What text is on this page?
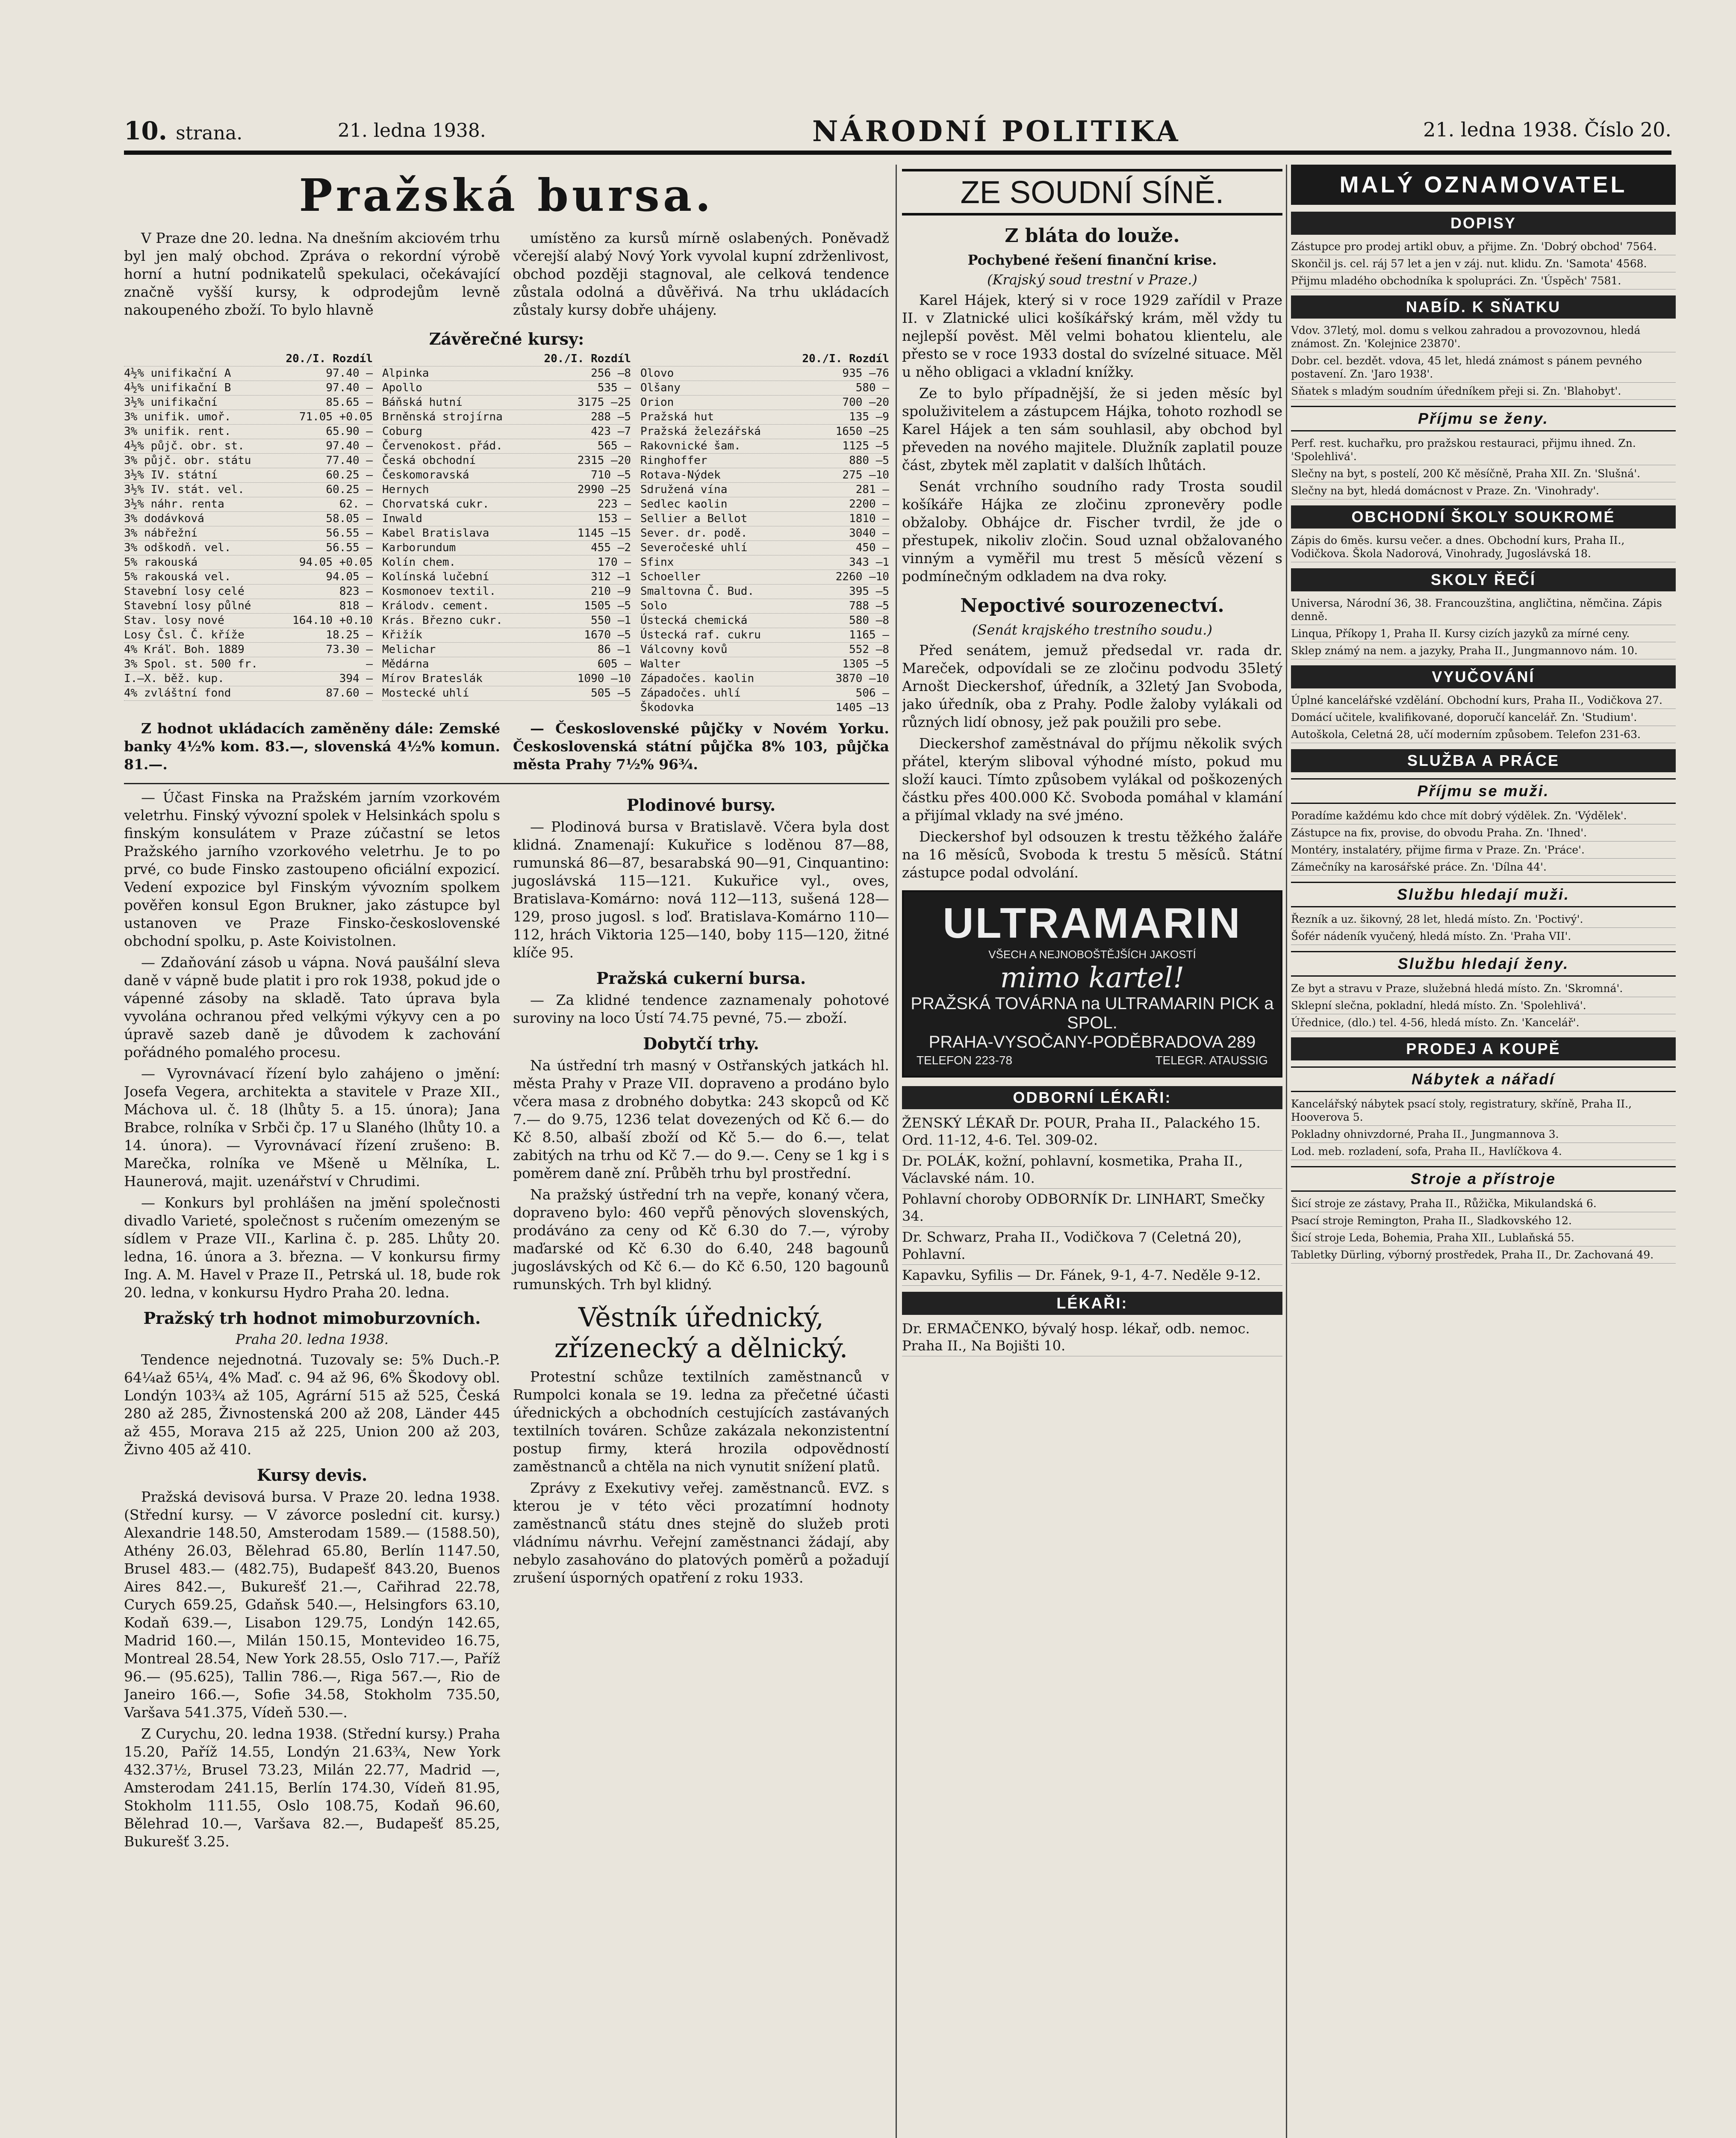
10. strana.	21. ledna 1938.	NÁRODNÍ POLITIKA	21. ledna 1938. Číslo 20.
Pražská bursa.

V Praze dne 20. ledna. Na dnešním akciovém trhu byl jen malý obchod. Zpráva o rekordní výrobě horní a hutní podnikatelů spekulaci, očekávající značně vyšší kursy, k odprodejům levně nakoupeného zboží. To bylo hlavně

umístěno za kursů mírně oslabených. Poněvadž včerejší alabý Nový York vyvolal kupní zdrženlivost, obchod později stagnoval, ale celková tendence zůstala odolná a důvěřivá. Na trhu ukládacích zůstaly kursy dobře uhájeny.

Závěrečné kursy:
20./I. Rozdíl
4½% unifikační A	97.40 —
4½% unifikační B	97.40 —
3½% unifikační	85.65 —
3% unifik. umoř.	71.05 +0.05
3% unifik. rent.	65.90 —
4½% půjč. obr. st.	97.40 —
3% půjč. obr. státu	77.40 —
3½% IV. státní	60.25 —
3½% IV. stát. vel.	60.25 —
3½% náhr. renta	62. —
3% dodávková	58.05 —
3% nábřežní	56.55 —
3% odškodň. vel.	56.55 —
5% rakouská	94.05 +0.05
5% rakouská vel.	94.05 —
Stavební losy celé	823 —
Stavební losy půlné	818 —
Stav. losy nové	164.10 +0.10
Losy Čsl. Č. kříže	18.25 —
4% Kráľ. Boh. 1889	73.30 —
3% Spol. st. 500 fr.	—
I.—X. běž. kup.	394 —
4% zvláštní fond	87.60 —
20./I. Rozdíl
Alpinka	256 —8
Apollo	535 —
Báňská hutní	3175 —25
Brněnská strojírna	288 —5
Coburg	423 —7
Červenokost. přád.	565 —
Česká obchodní	2315 —20
Českomoravská	710 —5
Hernych	2990 —25
Chorvatská cukr.	223 —
Inwald	153 —
Kabel Bratislava	1145 —15
Karborundum	455 —2
Kolín chem.	170 —
Kolínská lučební	312 —1
Kosmonoev textil.	210 —9
Králodv. cement.	1505 —5
Krás. Březno cukr.	550 —1
Křižík	1670 —5
Melichar	86 —1
Mědárna	605 —
Mírov Brateslák	1090 —10
Mostecké uhlí	505 —5
20./I. Rozdíl
Olovo	935 —76
Olšany	580 —
Orion	700 —20
Pražská hut	135 —9
Pražská železářská	1650 —25
Rakovnické šam.	1125 —5
Ringhoffer	880 —5
Rotava-Nýdek	275 —10
Sdružená vína	281 —
Sedlec kaolin	2200 —
Sellier a Bellot	1810 —
Sever. dr. podě.	3040 —
Severočeské uhlí	450 —
Sfinx	343 —1
Schoeller	2260 —10
Smaltovna Č. Bud.	395 —5
Solo	788 —5
Ústecká chemická	580 —8
Ústecká raf. cukru	1165 —
Válcovny kovů	552 —8
Walter	1305 —5
Západočes. kaolin	3870 —10
Západočes. uhlí	506 —
Škodovka	1405 —13

Z hodnot ukládacích zaměněny dále: Zemské banky 4½% kom. 83.—, slovenská 4½% komun. 81.—.

— Československé půjčky v Novém Yorku. Československá státní půjčka 8% 103, půjčka města Prahy 7½% 96¾.

— Účast Finska na Pražském jarním vzorkovém veletrhu. Finský vývozní spolek v Helsinkách spolu s finským konsulátem v Praze zúčastní se letos Pražského jarního vzorkového veletrhu. Je to po prvé, co bude Finsko zastoupeno oficiální expozicí. Vedení expozice byl Finským vývozním spolkem pověřen konsul Egon Brukner, jako zástupce byl ustanoven ve Praze Finsko-československé obchodní spolku, p. Aste Koivistolnen.

— Zdaňování zásob u vápna. Nová paušální sleva daně v vápně bude platit i pro rok 1938, pokud jde o vápenné zásoby na skladě. Tato úprava byla vyvolána ochranou před velkými výkyvy cen a po úpravě sazeb daně je důvodem k zachování pořádného pomalého procesu.

— Vyrovnávací řízení bylo zahájeno o jmění: Josefa Vegera, architekta a stavitele v Praze XII., Máchova ul. č. 18 (lhůty 5. a 15. února); Jana Brabce, rolníka v Srbči čp. 17 u Slaného (lhůty 10. a 14. února). — Vyrovnávací řízení zrušeno: B. Marečka, rolníka ve Mšeně u Mělníka, L. Haunerová, majit. uzenářství v Chrudimi.

— Konkurs byl prohlášen na jmění společnosti divadlo Varieté, společnost s ručením omezeným se sídlem v Praze VII., Karlina č. p. 285. Lhůty 20. ledna, 16. února a 3. března. — V konkursu firmy Ing. A. M. Havel v Praze II., Petrská ul. 18, bude rok 20. ledna, v konkursu Hydro Praha 20. ledna.

Pražský trh hodnot mimoburzovních.
Praha 20. ledna 1938.

Tendence nejednotná. Tuzovaly se: 5% Duch.-P. 64¼až 65¼, 4% Maď. c. 94 až 96, 6% Škodovy obl. Londýn 103¾ až 105, Agrární 515 až 525, Česká 280 až 285, Živnostenská 200 až 208, Länder 445 až 455, Morava 215 až 225, Union 200 až 203, Živno 405 až 410.

Kursy devis.

Pražská devisová bursa. V Praze 20. ledna 1938. (Střední kursy. — V závorce poslední cit. kursy.) Alexandrie 148.50, Amsterodam 1589.— (1588.50), Athény 26.03, Bělehrad 65.80, Berlín 1147.50, Brusel 483.— (482.75), Budapešť 843.20, Buenos Aires 842.—, Bukurešť 21.—, Cařihrad 22.78, Curych 659.25, Gdaňsk 540.—, Helsingfors 63.10, Kodaň 639.—, Lisabon 129.75, Londýn 142.65, Madrid 160.—, Milán 150.15, Montevideo 16.75, Montreal 28.54, New York 28.55, Oslo 717.—, Paříž 96.— (95.625), Tallin 786.—, Riga 567.—, Rio de Janeiro 166.—, Sofie 34.58, Stokholm 735.50, Varšava 541.375, Vídeň 530.—.

Z Curychu, 20. ledna 1938. (Střední kursy.) Praha 15.20, Paříž 14.55, Londýn 21.63¾, New York 432.37½, Brusel 73.23, Milán 22.77, Madrid —, Amsterodam 241.15, Berlín 174.30, Vídeň 81.95, Stokholm 111.55, Oslo 108.75, Kodaň 96.60, Bělehrad 10.—, Varšava 82.—, Budapešť 85.25, Bukurešť 3.25.

Plodinové bursy.

— Plodinová bursa v Bratislavě. Včera byla dost klidná. Znamenají: Kukuřice s loděnou 87—88, rumunská 86—87, besarabská 90—91, Cinquantino: jugoslávská 115—121. Kukuřice vyl., oves, Bratislava-Komárno: nová 112—113, sušená 128—129, proso jugosl. s loď. Bratislava-Komárno 110—112, hrách Viktoria 125—140, boby 115—120, žitné klíče 95.

Pražská cukerní bursa.

— Za klidné tendence zaznamenaly pohotové suroviny na loco Ústí 74.75 pevné, 75.— zboží.

Dobytčí trhy.

Na ústřední trh masný v Ostřanských jatkách hl. města Prahy v Praze VII. dopraveno a prodáno bylo včera masa z drobného dobytka: 243 skopců od Kč 7.— do 9.75, 1236 telat dovezených od Kč 6.— do Kč 8.50, albaší zboží od Kč 5.— do 6.—, telat zabitých na trhu od Kč 7.— do 9.—. Ceny se 1 kg i s poměrem daně zní. Průběh trhu byl prostřední.

Na pražský ústřední trh na vepře, konaný včera, dopraveno bylo: 460 vepřů pěnových slovenských, prodáváno za ceny od Kč 6.30 do 7.—, výroby maďarské od Kč 6.30 do 6.40, 248 bagounů jugoslávských od Kč 6.— do Kč 6.50, 120 bagounů rumunských. Trh byl klidný.

Věstník úřednický, zřízenecký a dělnický.

Protestní schůze textilních zaměstnanců v Rumpolci konala se 19. ledna za přečetné účasti úřednických a obchodních cestujících zastávaných textilních továren. Schůze zakázala nekonzistentní postup firmy, která hrozila odpovědností zaměstnanců a chtěla na nich vynutit snížení platů.

Zprávy z Exekutivy veřej. zaměstnanců. EVZ. s kterou je v této věci prozatímní hodnoty zaměstnanců státu dnes stejně do služeb proti vládnímu návrhu. Veřejní zaměstnanci žádají, aby nebylo zasahováno do platových poměrů a požadují zrušení úsporných opatření z roku 1933.

ZE SOUDNÍ SÍNĚ.
Z bláta do louže.
Pochybené řešení finanční krise.
(Krajský soud trestní v Praze.)

Karel Hájek, který si v roce 1929 zařídil v Praze II. v Zlatnické ulici košíkářský krám, měl vždy tu nejlepší pověst. Měl velmi bohatou klientelu, ale přesto se v roce 1933 dostal do svízelné situace. Měl u něho obligaci a vkladní knížky.

Ze to bylo případnější, že si jeden měsíc byl spoluživitelem a zástupcem Hájka, tohoto rozhodl se Karel Hájek a ten sám souhlasil, aby obchod byl převeden na nového majitele. Dlužník zaplatil pouze část, zbytek měl zaplatit v dalších lhůtách.

Senát vrchního soudního rady Trosta soudil košíkáře Hájka ze zločinu zpronevěry podle obžaloby. Obhájce dr. Fischer tvrdil, že jde o přestupek, nikoliv zločin. Soud uznal obžalovaného vinným a vyměřil mu trest 5 měsíců vězení s podmínečným odkladem na dva roky.

Nepoctivé sourozenectví.
(Senát krajského trestního soudu.)

Před senátem, jemuž předsedal vr. rada dr. Mareček, odpovídali se ze zločinu podvodu 35letý Arnošt Dieckershof, úředník, a 32letý Jan Svoboda, jako úředník, oba z Prahy. Podle žaloby vylákali od různých lidí obnosy, jež pak použili pro sebe.

Dieckershof zaměstnával do příjmu několik svých přátel, kterým sliboval výhodné místo, pokud mu složí kauci. Tímto způsobem vylákal od poškozených částku přes 400.000 Kč. Svoboda pomáhal v klamání a přijímal vklady na své jméno.

Dieckershof byl odsouzen k trestu těžkého žaláře na 16 měsíců, Svoboda k trestu 5 měsíců. Státní zástupce podal odvolání.

ULTRAMARIN
VŠECH A NEJNOBOŠTĚJŠÍCH JAKOSTÍ
mimo kartel!
PRAŽSKÁ TOVÁRNA na ULTRAMARIN PICK a SPOL.
PRAHA-VYSOČANY-PODĚBRADOVA 289
TELEFON 223-78	TELEGR. ATAUSSIG
ODBORNÍ LÉKAŘI:
ŽENSKÝ LÉKAŘ Dr. POUR, Praha II., Palackého 15. Ord. 11-12, 4-6. Tel. 309-02.
Dr. POLÁK, kožní, pohlavní, kosmetika, Praha II., Václavské nám. 10.
Pohlavní choroby ODBORNÍK Dr. LINHART, Smečky 34.
Dr. Schwarz, Praha II., Vodičkova 7 (Celetná 20), Pohlavní.
Kapavku, Syfilis — Dr. Fánek, 9-1, 4-7. Neděle 9-12.
LÉKAŘI:
Dr. ERMAČENKO, bývalý hosp. lékař, odb. nemoc. Praha II., Na Bojišti 10.
MALÝ OZNAMOVATEL
DOPISY
Zástupce pro prodej artikl obuv, a přijme. Zn. 'Dobrý obchod' 7564.
Skončil js. cel. ráj 57 let a jen v záj. nut. klidu. Zn. 'Samota' 4568.
Přijmu mladého obchodníka k spolupráci. Zn. 'Úspěch' 7581.
NABÍD. K SŇATKU
Vdov. 37letý, mol. domu s velkou zahradou a provozovnou, hledá známost. Zn. 'Kolejnice 23870'.
Dobr. cel. bezdět. vdova, 45 let, hledá známost s pánem pevného postavení. Zn. 'Jaro 1938'.
Sňatek s mladým soudním úředníkem přeji si. Zn. 'Blahobyt'.
Příjmu se ženy.
Perf. rest. kuchařku, pro pražskou restauraci, přijmu ihned. Zn. 'Spolehlivá'.
Slečny na byt, s postelí, 200 Kč měsíčně, Praha XII. Zn. 'Slušná'.
Slečny na byt, hledá domácnost v Praze. Zn. 'Vinohrady'.
OBCHODNÍ ŠKOLY SOUKROMÉ
Zápis do 6měs. kursu večer. a dnes. Obchodní kurs, Praha II., Vodičkova. Škola Nadorová, Vinohrady, Jugoslávská 18.
SKOLY ŘEČÍ
Universa, Národní 36, 38. Francouzština, angličtina, němčina. Zápis denně.
Linqua, Příkopy 1, Praha II. Kursy cizích jazyků za mírné ceny.
Sklep známý na nem. a jazyky, Praha II., Jungmannovo nám. 10.
VYUČOVÁNÍ
Úplné kancelářské vzdělání. Obchodní kurs, Praha II., Vodičkova 27.
Domácí učitele, kvalifikované, doporučí kancelář. Zn. 'Studium'.
Autoškola, Celetná 28, učí moderním způsobem. Telefon 231-63.
SLUŽBA A PRÁCE
Příjmu se muži.
Poradíme každému kdo chce mít dobrý výdělek. Zn. 'Výdělek'.
Zástupce na fix, provise, do obvodu Praha. Zn. 'Ihned'.
Montéry, instalatéry, přijme firma v Praze. Zn. 'Práce'.
Zámečníky na karosářské práce. Zn. 'Dílna 44'.
Službu hledají muži.
Řezník a uz. šikovný, 28 let, hledá místo. Zn. 'Poctivý'.
Šofér nádeník vyučený, hledá místo. Zn. 'Praha VII'.
Službu hledají ženy.
Ze byt a stravu v Praze, služebná hledá místo. Zn. 'Skromná'.
Sklepní slečna, pokladní, hledá místo. Zn. 'Spolehlivá'.
Úřednice, (dlo.) tel. 4-56, hledá místo. Zn. 'Kancelář'.
PRODEJ A KOUPĚ
Nábytek a nářadí
Kancelářský nábytek psací stoly, registratury, skříně, Praha II., Hooverova 5.
Pokladny ohnivzdorné, Praha II., Jungmannova 3.
Lod. meb. rozladení, sofa, Praha II., Havlíčkova 4.
Stroje a přístroje
Šicí stroje ze zástavy, Praha II., Růžička, Mikulandská 6.
Psací stroje Remington, Praha II., Sladkovského 12.
Šicí stroje Leda, Bohemia, Praha XII., Lublaňská 55.
Tabletky Dürling, výborný prostředek, Praha II., Dr. Zachovaná 49.
